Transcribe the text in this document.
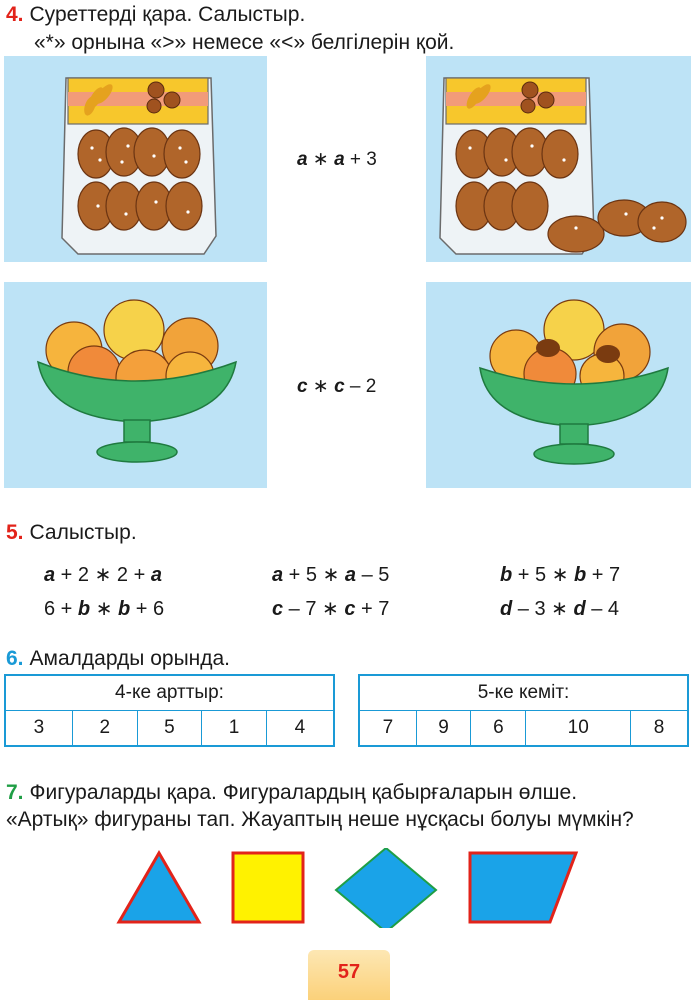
4. Суреттерді қара. Салыстыр.
«*» орнына «>» немесе «<» белгілерін қой.
a ∗ a + 3
c ∗ c – 2
5. Салыстыр.
a + 2 ∗ 2 + a	a + 5 ∗ a – 5	b + 5 ∗ b + 7
6 + b ∗ b + 6	c – 7 ∗ c + 7	d – 3 ∗ d – 4
6. Амалдарды орында.
4-ке арттыр:
3	2	5	1	4
5-ке кеміт:
7	9	6	10	8
7. Фигураларды қара. Фигуралардың қабырғаларын өлше.
«Артық» фигураны тап. Жауаптың неше нұсқасы болуы мүмкін?
57
